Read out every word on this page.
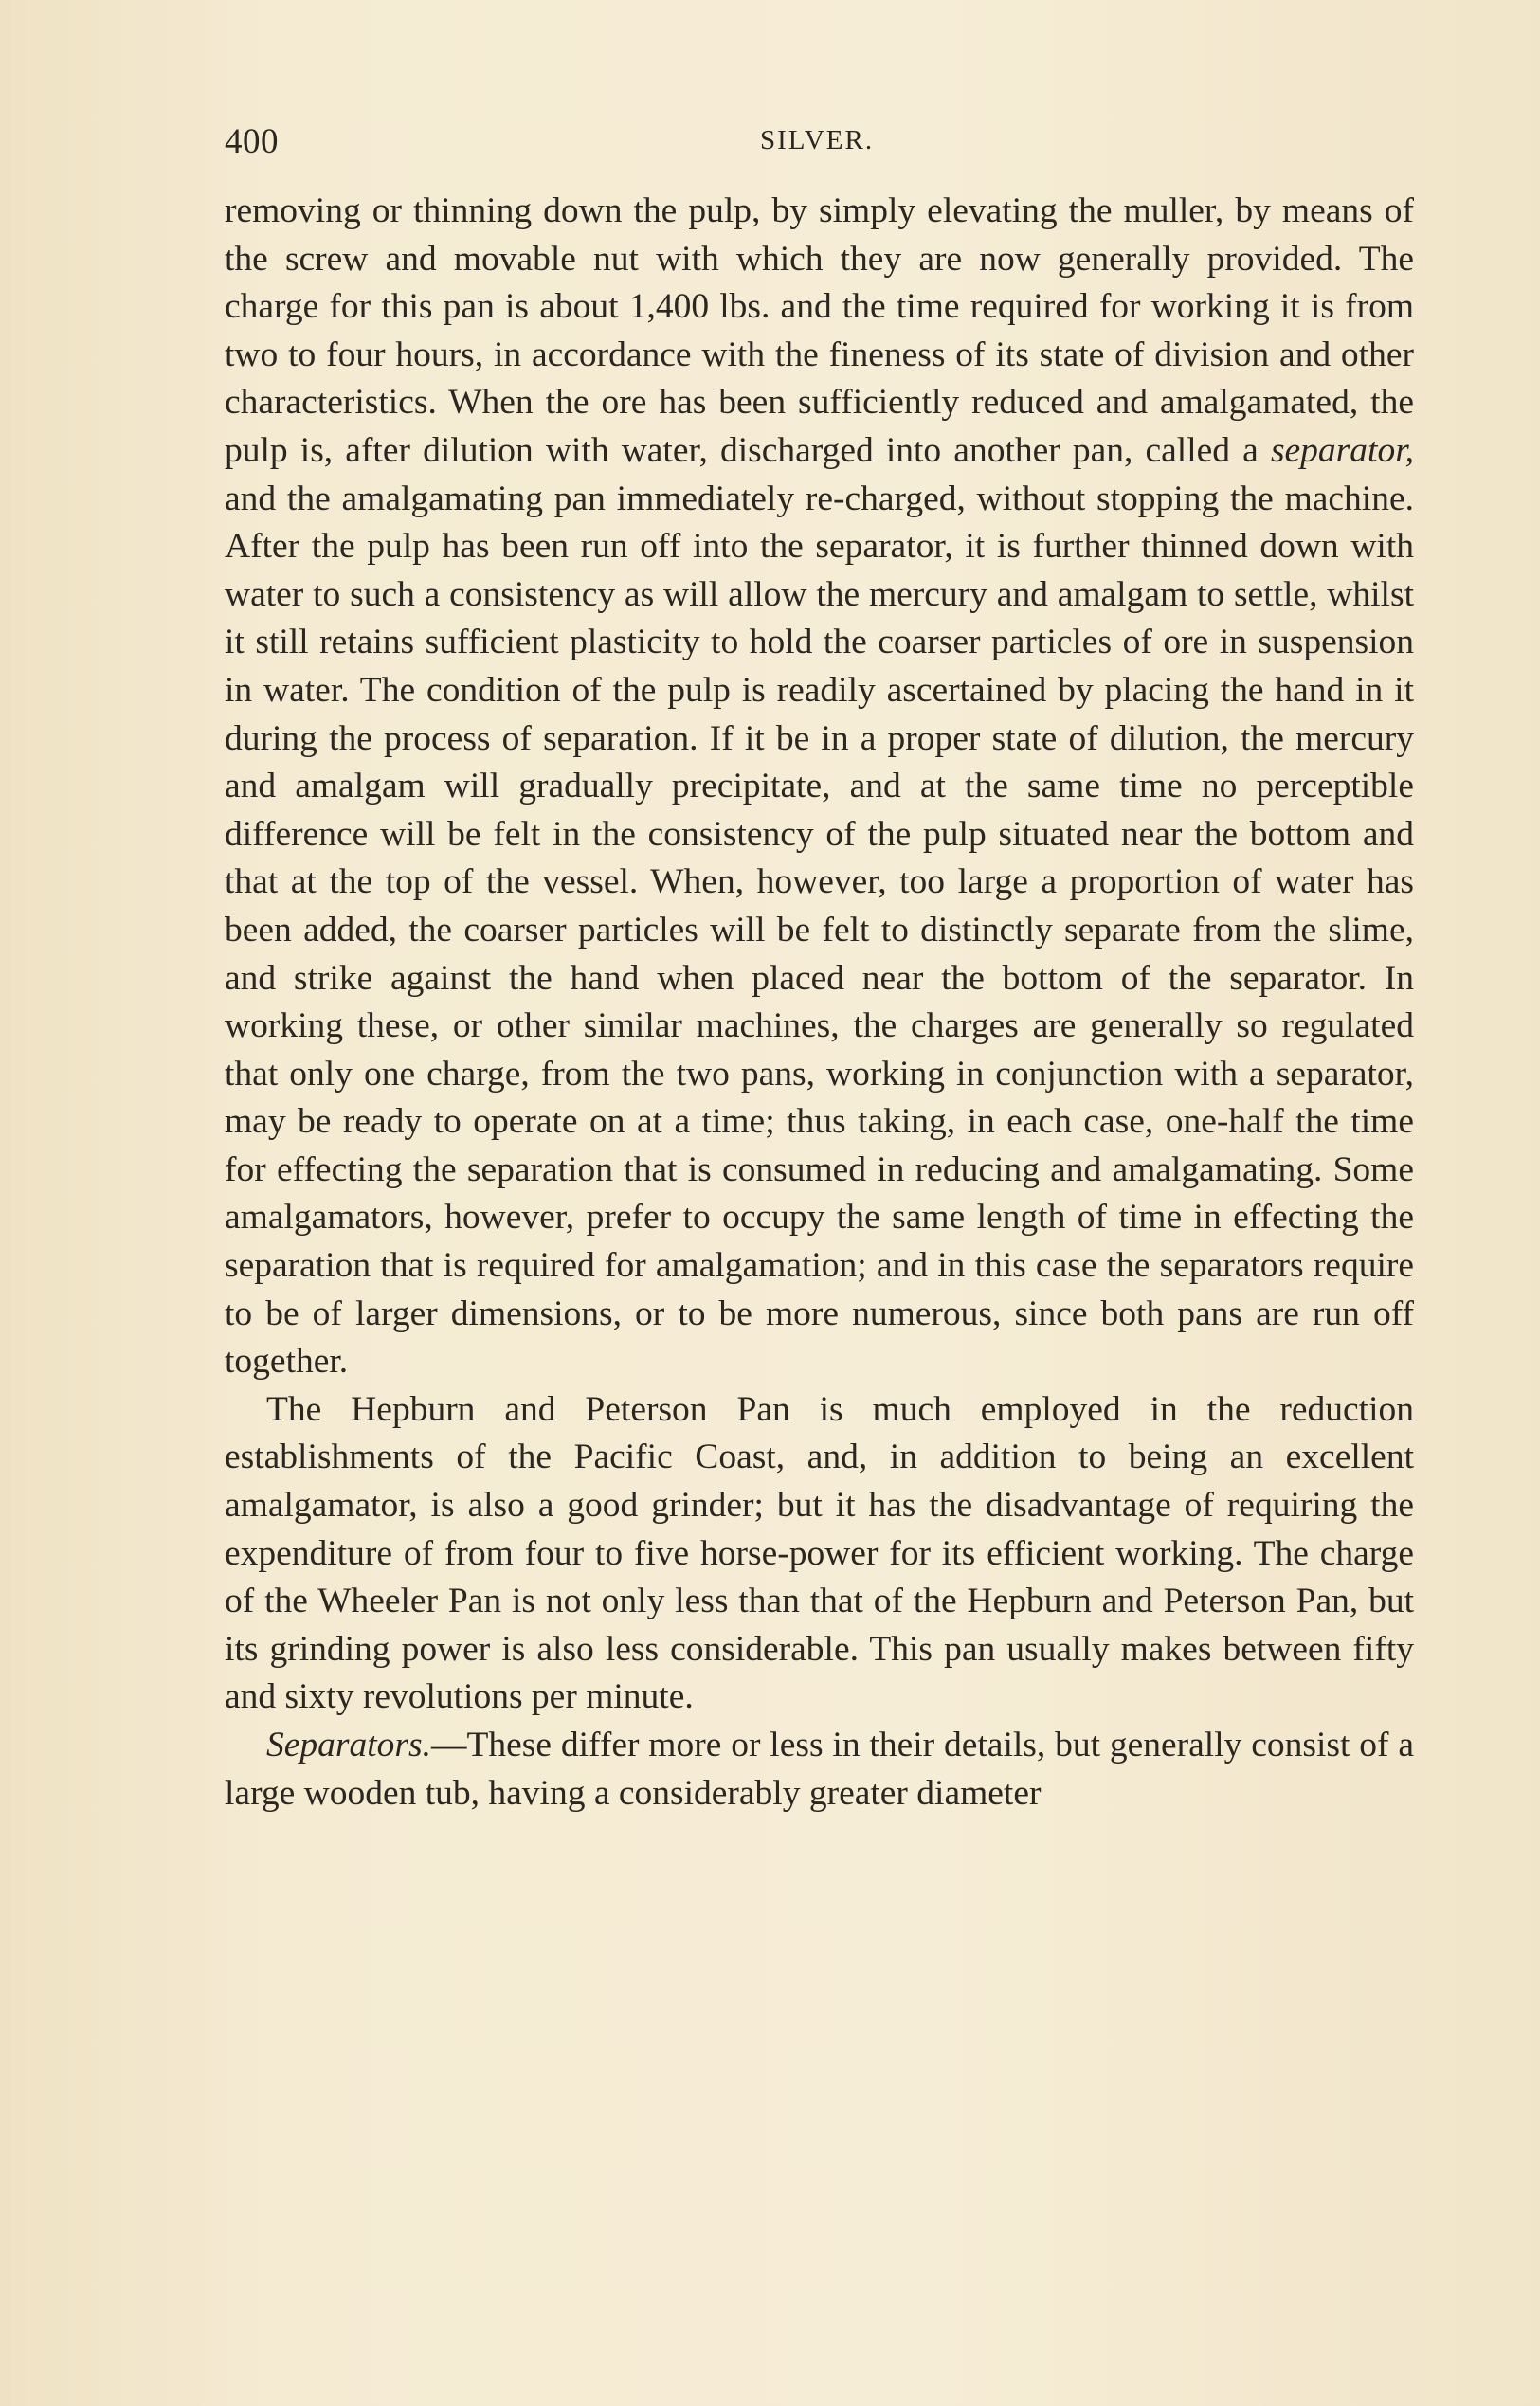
400	SILVER.

removing or thinning down the pulp, by simply elevating the muller, by means of the screw and movable nut with which they are now generally provided. The charge for this pan is about 1,400 lbs. and the time required for working it is from two to four hours, in accordance with the fineness of its state of division and other characteristics. When the ore has been sufficiently reduced and amalgamated, the pulp is, after dilution with water, discharged into another pan, called a separator, and the amalgamating pan immediately re-charged, without stopping the machine. After the pulp has been run off into the separator, it is further thinned down with water to such a consistency as will allow the mercury and amalgam to settle, whilst it still retains sufficient plasticity to hold the coarser particles of ore in suspension in water. The condition of the pulp is readily ascertained by placing the hand in it during the process of separation. If it be in a proper state of dilution, the mercury and amalgam will gradually precipitate, and at the same time no perceptible difference will be felt in the consistency of the pulp situated near the bottom and that at the top of the vessel. When, however, too large a proportion of water has been added, the coarser particles will be felt to distinctly separate from the slime, and strike against the hand when placed near the bottom of the separator. In working these, or other similar machines, the charges are generally so regulated that only one charge, from the two pans, working in conjunction with a separator, may be ready to operate on at a time; thus taking, in each case, one-half the time for effecting the separation that is consumed in reducing and amalgamating. Some amalgamators, however, prefer to occupy the same length of time in effecting the separation that is required for amalgamation; and in this case the separators require to be of larger dimensions, or to be more numerous, since both pans are run off together.

The Hepburn and Peterson Pan is much employed in the reduction establishments of the Pacific Coast, and, in addition to being an excellent amalgamator, is also a good grinder; but it has the disadvantage of requiring the expenditure of from four to five horse-power for its efficient working. The charge of the Wheeler Pan is not only less than that of the Hepburn and Peterson Pan, but its grinding power is also less considerable. This pan usually makes between fifty and sixty revolutions per minute.

Separators.—These differ more or less in their details, but generally consist of a large wooden tub, having a considerably greater diameter
